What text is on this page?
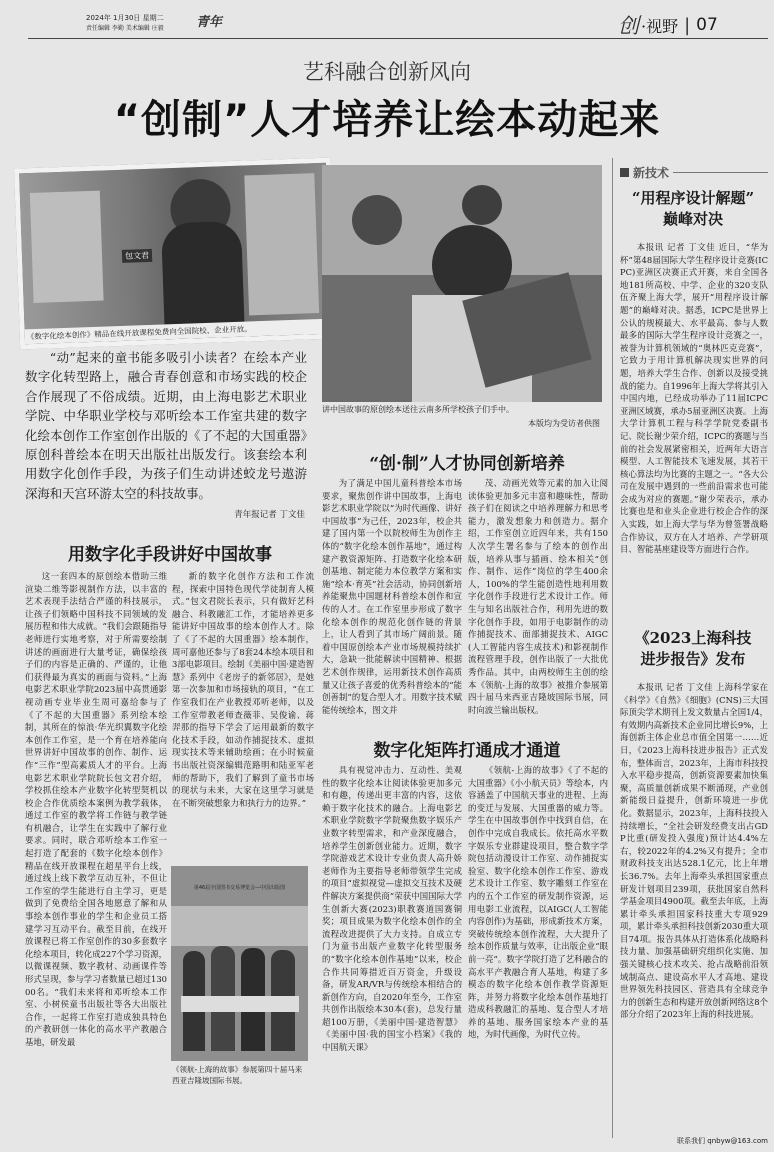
2024年 1月30日 星期二
责任编辑 李勤 美术编辑 庄毅	青年	创 ·视野 | 07
艺科融合创新风向
“创制”人才培养让绘本动起来
包文君
《数字化绘本创作》精品在线开放课程免费向全国院校、企业开放。
讲中国故事的原创绘本送往云南多所学校孩子们手中。
本版均为受访者供图
“动”起来的童书能多吸引小读者？在绘本产业数字化转型路上，融合青春创意和市场实践的校企合作展现了不俗成绩。近期，由上海电影艺术职业学院、中华职业学校与邓听绘本工作室共建的数字化绘本创作工作室创作出版的《了不起的大国重器》原创科普绘本在明天出版社出版发行。该套绘本利用数字化创作手段，为孩子们生动讲述蛟龙号遨游深海和天宫环游太空的科技故事。
青年报记者 丁文佳
用数字化手段讲好中国故事

这一套四本的原创绘本借助三维渲染二维等影视制作方法，以丰富的艺术表现手法结合严谨的科技展示，让孩子们领略中国科技不同领域的发展历程和伟大成就。“我们会跟随指导老师进行实地考察，对于所需要绘制讲述的画面进行大量考证，确保绘孩子们的内容是正确的、严谨的，让他们获得最为真实的画面与资料。”上海电影艺术职业学院2023届中高贯通影视动画专业毕业生周可嘉给参与了《了不起的大国重器》系列绘本绘制，其所在的惊浪·华光织翼数字化绘本创作工作室，是一个育在培养能向世界讲好中国故事的创作、制作、运作“三作”型高素质人才的平台。上海电影艺术职业学院院长包文君介绍，学校抓住绘本产业数字化转型契机以校企合作优质绘本案例为教学载体，通过工作室的教学将工作链与教学链有机融合，让学生在实践中了解行业要求。同时，联合邓听绘本工作室一起打造了配套的《数字化绘本创作》精品在线开放课程在超星平台上线，通过线上线下教学互动互补，不但让工作室的学生能进行自主学习，更是做到了免费给全国各地愿意了解和从事绘本创作事业的学生和企业员工搭建学习互动平台。截至目前，在线开放课程已将工作室创作的30多套数字化绘本项目，转化成227个学习资源，以微课视频、数字教材、动画课件等形式呈现，参与学习者数量已超过13000名。“我们未来将和邓听绘本工作室、小树侯童书出版社等各大出版社合作，一起将工作室打造成独具特色的产教研创一体化的高水平产教融合基地，研发最

新的数字化创作方法和工作流程，探索中国特色现代学徒制育人模式。”包文君院长表示，只有做好艺科融合、科教融汇工作，才能培养更多能讲好中国故事的绘本创作人才。除了《了不起的大国重器》绘本制作，周可嘉他还参与了8套24本绘本项目和3部电影项目。绘制《美丽中国·建造智慧》系列中《老房子的新邻居》，是她第一次参加和市场接轨的项目，“在工作室我们在产业教授邓听老师，以及工作室带教老师查薇菲、吴俊谕、蒋羿那的指导下学会了运用最新的数字化技术手段，如动作捕捉技术、虚拟现实技术等来辅助绘画；在小时候童书出版社资深编辑范路明和陆亚军老师的帮助下，我们了解到了童书市场的现状与未来，大家在这里学习就是在不断突破想象力和执行力的边界。”

第46届全国图书交易博览会—中国出版图
《领航-上海的故事》参展第四十届马来西亚吉隆坡国际书展。
“创·制”人才协同创新培养

为了满足中国儿童科普绘本市场要求，聚焦创作讲中国故事，上海电影艺术职业学院以“为时代画像、讲好中国故事”为己任，2023年，校企共建了国内第一个以院校师生为创作主体的“数字化绘本创作基地”，通过构建产教资源矩阵、打造数字化绘本研创基地、制定能力本位教学方案和实施“绘本·育英”社会活动，协同创新培养能聚焦中国题材科普绘本创作和宣传的人才。在工作室里步形成了数字化绘本创作的规范化创作链的背景上，让人看到了其市场广阔前景。随着中国原创绘本产业市场规模持续扩大，急缺一批能解读中国精神、根据艺术创作规律，运用新技术创作高质量又让孩子喜爱的优秀科普绘本的“能创善制”的复合型人才。用数字技术赋能传统绘本，图文并

茂、动画光效等元素的加入让阅读体验更加多元丰富和趣味性，帮助孩子们在阅读之中培养理解力和思考能力，激发想象力和创造力。据介绍，工作室创立近四年来，共有150人次学生署名参与了绘本的创作出版，培养从事与插画、绘本相关“创作、制作、运作”岗位的学生400余人，100%的学生能创造性地利用数字化创作手段进行艺术设计工作。师生与知名出版社合作，利用先进的数字化创作手段，如用于电影制作的动作捕捉技术、面部捕捉技术、AIGC(人工智能内容生成技术)和影视制作流程管理手段，创作出版了一大批优秀作品。其中，由两校师生主创的绘本《领航-上海的故事》被推介参展第四十届马来西亚吉隆坡国际书展，同时向波兰输出版权。

数字化矩阵打通成才通道

具有视觉冲击力、互动性、美观性的数字化绘本让阅读体验更加多元和有趣，传递出更丰富的内容，这依赖于数字化技术的融合。上海电影艺术职业学院数字学院聚焦数字娱乐产业数字转型需求，和产业深度融合，培养学生创新创业能力。近期，数字学院游戏艺术设计专业负责人高升娇老师作为主要指导老师带领学生完成的项目“虚拟视觉—虚拟交互技术及硬件解决方案提供商”荣获中国国际大学生创新大赛(2023)职教赛道国赛铜奖；项目成果为数字化绘本创作的全流程改进提供了大力支持。自成立专门为童书出版产业数字化转型服务的“数字化绘本创作基地”以来，校企合作共同筹措近百万资金，升级设备，研发AR/VR与传统绘本相结合的新创作方向，自2020年至今，工作室共创作出版绘本30本(套)，总发行量超100万册，《美丽中国·建造智慧》《美丽中国·我的国宝小档案》《我的中国航天课》

《领航-上海的故事》《了不起的大国重器》《小小航天员》等绘本，内容涵盖了中国航天事业的进程、上海的变迁与发展、大国重器的威力等。学生在中国故事创作中找到自信，在创作中完成自我成长。依托高水平数字娱乐专业群建设项目，整合数字学院包括动漫设计工作室、动作捕捉实验室、数字化绘本创作工作室、游戏艺术设计工作室、数字雕刻工作室在内的五个工作室的研发制作资源，运用电影工业流程，以AIGC(人工智能内容创作)为基础，形成新技术方案，突破传统绘本创作流程，大大提升了绘本创作质量与效率，让出版企业“眼前一亮”。数字学院打造了艺科融合的高水平产教融合育人基地，构建了多模态的数字化绘本创作教学资源矩阵，并努力将数字化绘本创作基地打造成科教融汇的基地、复合型人才培养的基地、服务国家绘本产业的基地，为时代画像，为时代立传。

新技术
“用程序设计解题”
巅峰对决

本报讯 记者 丁文佳 近日，“华为杯”第48届国际大学生程序设计竞赛(ICPC)亚洲区决赛正式开赛，来自全国各地181所高校、中学、企业的320支队伍齐聚上海大学，展开“用程序设计解题”的巅峰对决。据悉，ICPC是世界上公认的规模最大、水平最高、参与人数最多的国际大学生程序设计竞赛之一，被誉为计算机领域的“奥林匹克竞赛”，它致力于用计算机解决现实世界的问题，培养大学生合作、创新以及接受挑战的能力。自1996年上海大学将其引入中国内地，已经成功举办了11届ICPC亚洲区域赛，承办5届亚洲区决赛。上海大学计算机工程与科学学院党委副书记、院长谢少荣介绍，ICPC的赛题与当前的社会发展紧密相关，近两年大语言模型、人工智能技术飞速发展，其若干核心算法均为比赛的主题之一。“各大公司在发展中遇到的一些前沿需求也可能会成为对应的赛题。”谢少荣表示，承办比赛也是和业头企业进行校企合作的深入实践，如上海大学与华为曾签署战略合作协议，双方在人才培养、产学研项目、智能基座建设等方面进行合作。

《2023上海科技
进步报告》发布

本报讯 记者 丁文佳 上海科学家在《科学》《自然》《细胞》(CNS)三大国际顶尖学术期刊上发文数量占全国1/4，有效期内高新技术企业同比增长9%，上海创新主体企业总市值全国第一……近日，《2023上海科技进步报告》正式发布，整体而言，2023年，上海市科技投入水平稳步提高，创新资源要素加快集聚，高质量创新成果不断涌现，产业创新能级日益提升，创新环境进一步优化。数据显示，2023年，上海科技投入持续增长，“全社会研发经费支出占GDP比重(研发投入强度)预计达4.4%左右，较2022年的4.2%又有提升；全市财政科技支出达528.1亿元，比上年增长36.7%。去年上海牵头承担国家重点研发计划项目239项，获批国家自然科学基金项目4900项。截至去年底，上海累计牵头承担国家科技重大专项929项，累计牵头承担科技创新2030重大项目74项。报告具体从打造体系化战略科技力量、加强基础研究组织化实施、加强关键核心技术攻关、抢占战略前沿领域制高点、建设高水平人才高地、建设世界领先科技园区、营造具有全球竞争力的创新生态和构建开放创新网络这8个部分介绍了2023年上海的科技进展。

联系我们 qnbyw@163.com
